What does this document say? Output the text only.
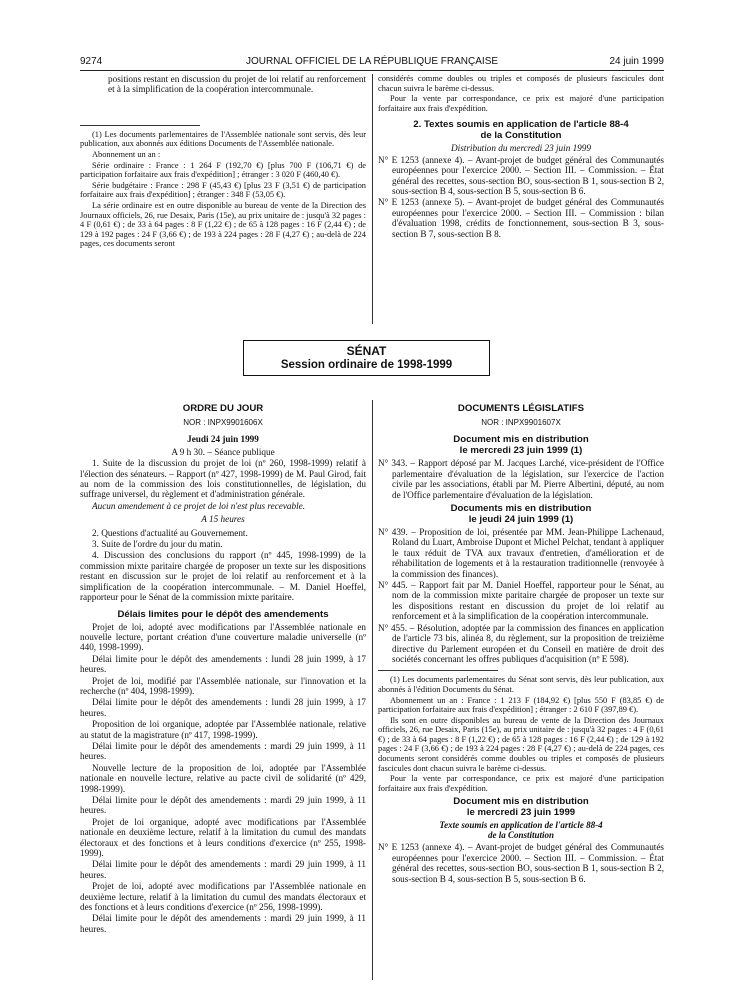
9274	JOURNAL OFFICIEL DE LA RÉPUBLIQUE FRANÇAISE	24 juin 1999

positions restant en discussion du projet de loi relatif au renforcement et à la simplification de la coopération intercommunale.

(1) Les documents parlementaires de l'Assemblée nationale sont servis, dès leur publication, aux abonnés aux éditions Documents de l'Assemblée nationale.

Abonnement un an :

Série ordinaire : France : 1 264 F (192,70 €) [plus 700 F (106,71 €) de participation forfaitaire aux frais d'expédition] ; étranger : 3 020 F (460,40 €).

Série budgétaire : France : 298 F (45,43 €) [plus 23 F (3,51 €) de participation forfaitaire aux frais d'expédition] ; étranger : 348 F (53,05 €).

La série ordinaire est en outre disponible au bureau de vente de la Direction des Journaux officiels, 26, rue Desaix, Paris (15e), au prix unitaire de : jusqu'à 32 pages : 4 F (0,61 €) ; de 33 à 64 pages : 8 F (1,22 €) ; de 65 à 128 pages : 16 F (2,44 €) ; de 129 à 192 pages : 24 F (3,66 €) ; de 193 à 224 pages : 28 F (4,27 €) ; au-delà de 224 pages, ces documents seront

considérés comme doubles ou triples et composés de plusieurs fascicules dont chacun suivra le barème ci-dessus.

Pour la vente par correspondance, ce prix est majoré d'une participation forfaitaire aux frais d'expédition.

2. Textes soumis en application de l'article 88-4
de la Constitution

Distribution du mercredi 23 juin 1999

N° E 1253 (annexe 4). – Avant-projet de budget général des Communautés européennes pour l'exercice 2000. – Section III. – Commission. – État général des recettes, sous-section BO, sous-section B 1, sous-section B 2, sous-section B 4, sous-section B 5, sous-section B 6.

N° E 1253 (annexe 5). – Avant-projet de budget général des Communautés européennes pour l'exercice 2000. – Section III. – Commission : bilan d'évaluation 1998, crédits de fonctionnement, sous-section B 3, sous-section B 7, sous-section B 8.

SÉNAT
Session ordinaire de 1998-1999
ORDRE DU JOUR
NOR : INPX9901606X
Jeudi 24 juin 1999

A 9 h 30. – Séance publique

1. Suite de la discussion du projet de loi (nº 260, 1998-1999) relatif à l'élection des sénateurs. – Rapport (nº 427, 1998-1999) de M. Paul Girod, fait au nom de la commission des lois constitutionnelles, de législation, du suffrage universel, du règlement et d'administration générale.

Aucun amendement à ce projet de loi n'est plus recevable.

A 15 heures

2. Questions d'actualité au Gouvernement.

3. Suite de l'ordre du jour du matin.

4. Discussion des conclusions du rapport (nº 445, 1998-1999) de la commission mixte paritaire chargée de proposer un texte sur les dispositions restant en discussion sur le projet de loi relatif au renforcement et à la simplification de la coopération intercommunale. – M. Daniel Hoeffel, rapporteur pour le Sénat de la commission mixte paritaire.

Délais limites pour le dépôt des amendements

Projet de loi, adopté avec modifications par l'Assemblée nationale en nouvelle lecture, portant création d'une couverture maladie universelle (nº 440, 1998-1999).

Délai limite pour le dépôt des amendements : lundi 28 juin 1999, à 17 heures.

Projet de loi, modifié par l'Assemblée nationale, sur l'innovation et la recherche (nº 404, 1998-1999).

Délai limite pour le dépôt des amendements : lundi 28 juin 1999, à 17 heures.

Proposition de loi organique, adoptée par l'Assemblée nationale, relative au statut de la magistrature (nº 417, 1998-1999).

Délai limite pour le dépôt des amendements : mardi 29 juin 1999, à 11 heures.

Nouvelle lecture de la proposition de loi, adoptée par l'Assemblée nationale en nouvelle lecture, relative au pacte civil de solidarité (nº 429, 1998-1999).

Délai limite pour le dépôt des amendements : mardi 29 juin 1999, à 11 heures.

Projet de loi organique, adopté avec modifications par l'Assemblée nationale en deuxième lecture, relatif à la limitation du cumul des mandats électoraux et des fonctions et à leurs conditions d'exercice (nº 255, 1998-1999).

Délai limite pour le dépôt des amendements : mardi 29 juin 1999, à 11 heures.

Projet de loi, adopté avec modifications par l'Assemblée nationale en deuxième lecture, relatif à la limitation du cumul des mandats électoraux et des fonctions et à leurs conditions d'exercice (nº 256, 1998-1999).

Délai limite pour le dépôt des amendements : mardi 29 juin 1999, à 11 heures.

DOCUMENTS LÉGISLATIFS
NOR : INPX9901607X
Document mis en distribution
le mercredi 23 juin 1999 (1)

N° 343. – Rapport déposé par M. Jacques Larché, vice-président de l'Office parlementaire d'évaluation de la législation, sur l'exercice de l'action civile par les associations, établi par M. Pierre Albertini, député, au nom de l'Office parlementaire d'évaluation de la législation.

Documents mis en distribution
le jeudi 24 juin 1999 (1)

N° 439. – Proposition de loi, présentée par MM. Jean-Philippe Lachenaud, Roland du Luart, Ambroise Dupont et Michel Pelchat, tendant à appliquer le taux réduit de TVA aux travaux d'entretien, d'amélioration et de réhabilitation de logements et à la restauration traditionnelle (renvoyée à la commission des finances).

N° 445. – Rapport fait par M. Daniel Hoeffel, rapporteur pour le Sénat, au nom de la commission mixte paritaire chargée de proposer un texte sur les dispositions restant en discussion du projet de loi relatif au renforcement et à la simplification de la coopération intercommunale.

N° 455. – Résolution, adoptée par la commission des finances en application de l'article 73 bis, alinéa 8, du règlement, sur la proposition de treizième directive du Parlement européen et du Conseil en matière de droit des sociétés concernant les offres publiques d'acquisition (nº E 598).

(1) Les documents parlementaires du Sénat sont servis, dès leur publication, aux abonnés à l'édition Documents du Sénat.

Abonnement un an : France : 1 213 F (184,92 €) [plus 550 F (83,85 €) de participation forfaitaire aux frais d'expédition] ; étranger : 2 610 F (397,89 €).

Ils sont en outre disponibles au bureau de vente de la Direction des Journaux officiels, 26, rue Desaix, Paris (15e), au prix unitaire de : jusqu'à 32 pages : 4 F (0,61 €) ; de 33 à 64 pages : 8 F (1,22 €) ; de 65 à 128 pages : 16 F (2,44 €) ; de 129 à 192 pages : 24 F (3,66 €) ; de 193 à 224 pages : 28 F (4,27 €) ; au-delà de 224 pages, ces documents seront considérés comme doubles ou triples et composés de plusieurs fascicules dont chacun suivra le barème ci-dessus.

Pour la vente par correspondance, ce prix est majoré d'une participation forfaitaire aux frais d'expédition.

Document mis en distribution
le mercredi 23 juin 1999
Texte soumis en application de l'article 88-4
de la Constitution

N° E 1253 (annexe 4). – Avant-projet de budget général des Communautés européennes pour l'exercice 2000. – Section III. – Commission. – État général des recettes, sous-section BO, sous-section B 1, sous-section B 2, sous-section B 4, sous-section B 5, sous-section B 6.
